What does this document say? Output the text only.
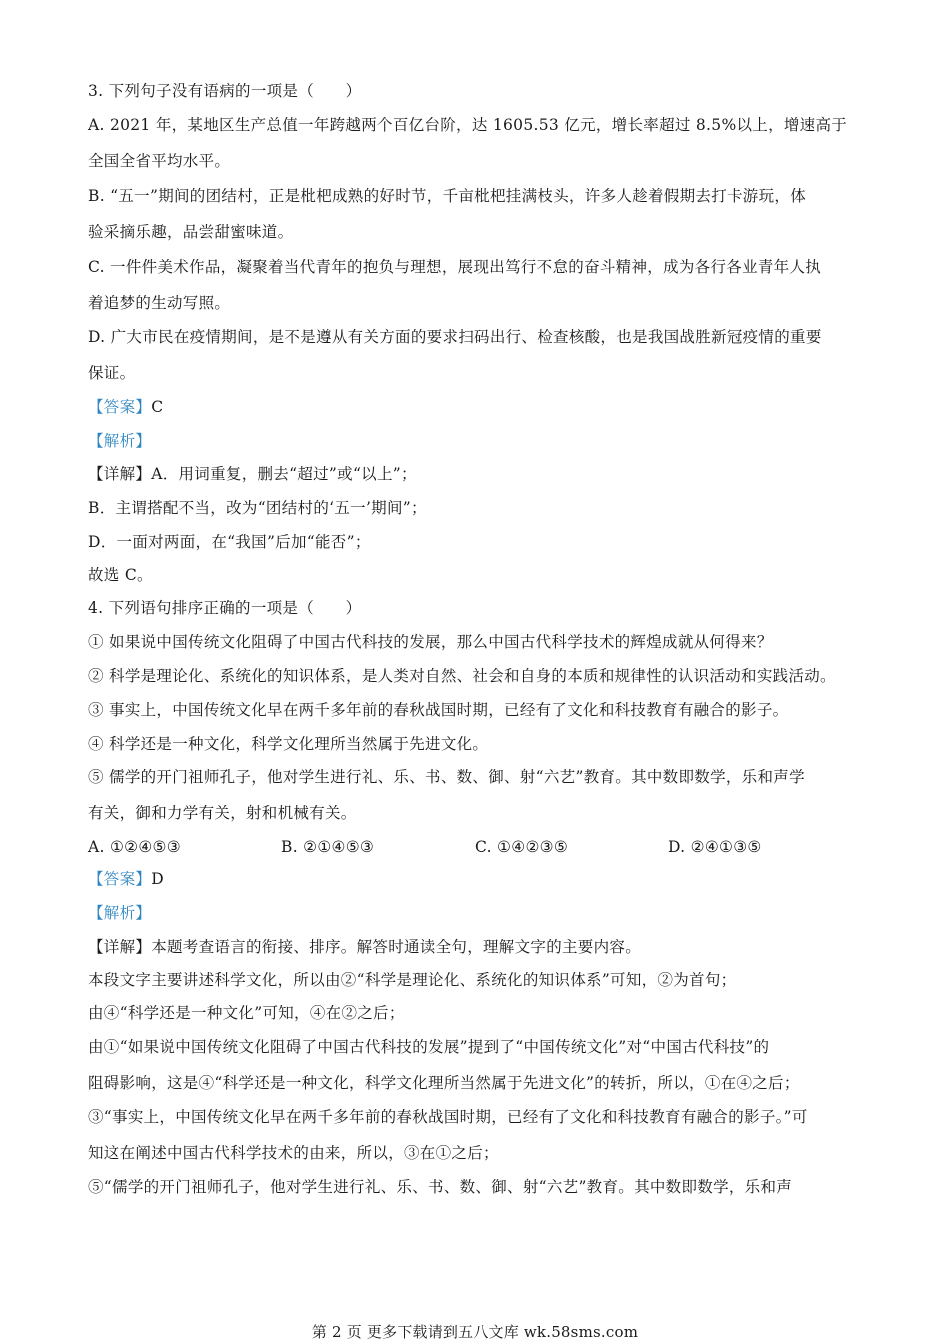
3. 下列句子没有语病的一项是（　　）
A. 2021 年，某地区生产总值一年跨越两个百亿台阶，达 1605.53 亿元，增长率超过 8.5%以上，增速高于
全国全省平均水平。
B. “五一”期间的团结村，正是枇杷成熟的好时节，千亩枇杷挂满枝头，许多人趁着假期去打卡游玩，体
验采摘乐趣，品尝甜蜜味道。
C. 一件件美术作品，凝聚着当代青年的抱负与理想，展现出笃行不怠的奋斗精神，成为各行各业青年人执
着追梦的生动写照。
D. 广大市民在疫情期间，是不是遵从有关方面的要求扫码出行、检查核酸，也是我国战胜新冠疫情的重要
保证。
【答案】C
【解析】
【详解】A．用词重复，删去“超过”或“以上”；
B．主谓搭配不当，改为“团结村的‘五一’期间”；
D．一面对两面，在“我国”后加“能否”；
故选 C。
4. 下列语句排序正确的一项是（　　）
① 如果说中国传统文化阻碍了中国古代科技的发展，那么中国古代科学技术的辉煌成就从何得来？
② 科学是理论化、系统化的知识体系，是人类对自然、社会和自身的本质和规律性的认识活动和实践活动。
③ 事实上，中国传统文化早在两千多年前的春秋战国时期，已经有了文化和科技教育有融合的影子。
④ 科学还是一种文化，科学文化理所当然属于先进文化。
⑤ 儒学的开门祖师孔子，他对学生进行礼、乐、书、数、御、射“六艺”教育。其中数即数学，乐和声学
有关，御和力学有关，射和机械有关。
A. ①②④⑤③	B. ②①④⑤③	C. ①④②③⑤	D. ②④①③⑤
【答案】D
【解析】
【详解】本题考查语言的衔接、排序。解答时通读全句，理解文字的主要内容。
本段文字主要讲述科学文化，所以由②“科学是理论化、系统化的知识体系”可知，②为首句；
由④“科学还是一种文化”可知，④在②之后；
由①“如果说中国传统文化阻碍了中国古代科技的发展”提到了“中国传统文化”对“中国古代科技”的
阻碍影响，这是④“科学还是一种文化，科学文化理所当然属于先进文化”的转折，所以，①在④之后；
③“事实上，中国传统文化早在两千多年前的春秋战国时期，已经有了文化和科技教育有融合的影子。”可
知这在阐述中国古代科学技术的由来，所以，③在①之后；
⑤“儒学的开门祖师孔子，他对学生进行礼、乐、书、数、御、射“六艺”教育。其中数即数学，乐和声
第 2 页 更多下载请到五八文库 wk.58sms.com
